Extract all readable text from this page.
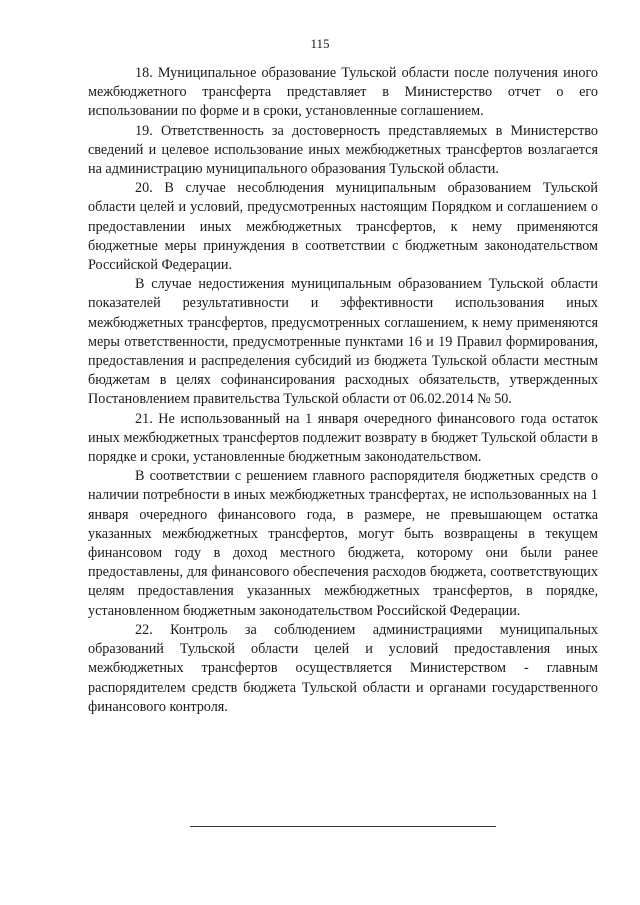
115

18. Муниципальное образование Тульской области после получения иного межбюджетного трансферта представляет в Министерство отчет о его использовании по форме и в сроки, установленные соглашением.

19. Ответственность за достоверность представляемых в Министерство сведений и целевое использование иных межбюджетных трансфертов возлагается на администрацию муниципального образования Тульской области.

20. В случае несоблюдения муниципальным образованием Тульской области целей и условий, предусмотренных настоящим Порядком и соглашением о предоставлении иных межбюджетных трансфертов, к нему применяются бюджетные меры принуждения в соответствии с бюджетным законодательством Российской Федерации.

В случае недостижения муниципальным образованием Тульской области показателей результативности и эффективности использования иных межбюджетных трансфертов, предусмотренных соглашением, к нему применяются меры ответственности, предусмотренные пунктами 16 и 19 Правил формирования, предоставления и распределения субсидий из бюджета Тульской области местным бюджетам в целях софинансирования расходных обязательств, утвержденных Постановлением правительства Тульской области от 06.02.2014 № 50.

21. Не использованный на 1 января очередного финансового года остаток иных межбюджетных трансфертов подлежит возврату в бюджет Тульской области в порядке и сроки, установленные бюджетным законодательством.

В соответствии с решением главного распорядителя бюджетных средств о наличии потребности в иных межбюджетных трансфертах, не использованных на 1 января очередного финансового года, в размере, не превышающем остатка указанных межбюджетных трансфертов, могут быть возвращены в текущем финансовом году в доход местного бюджета, которому они были ранее предоставлены, для финансового обеспечения расходов бюджета, соответствующих целям предоставления указанных межбюджетных трансфертов, в порядке, установленном бюджетным законодательством Российской Федерации.

22. Контроль за соблюдением администрациями муниципальных образований Тульской области целей и условий предоставления иных межбюджетных трансфертов осуществляется Министерством - главным распорядителем средств бюджета Тульской области и органами государственного финансового контроля.
